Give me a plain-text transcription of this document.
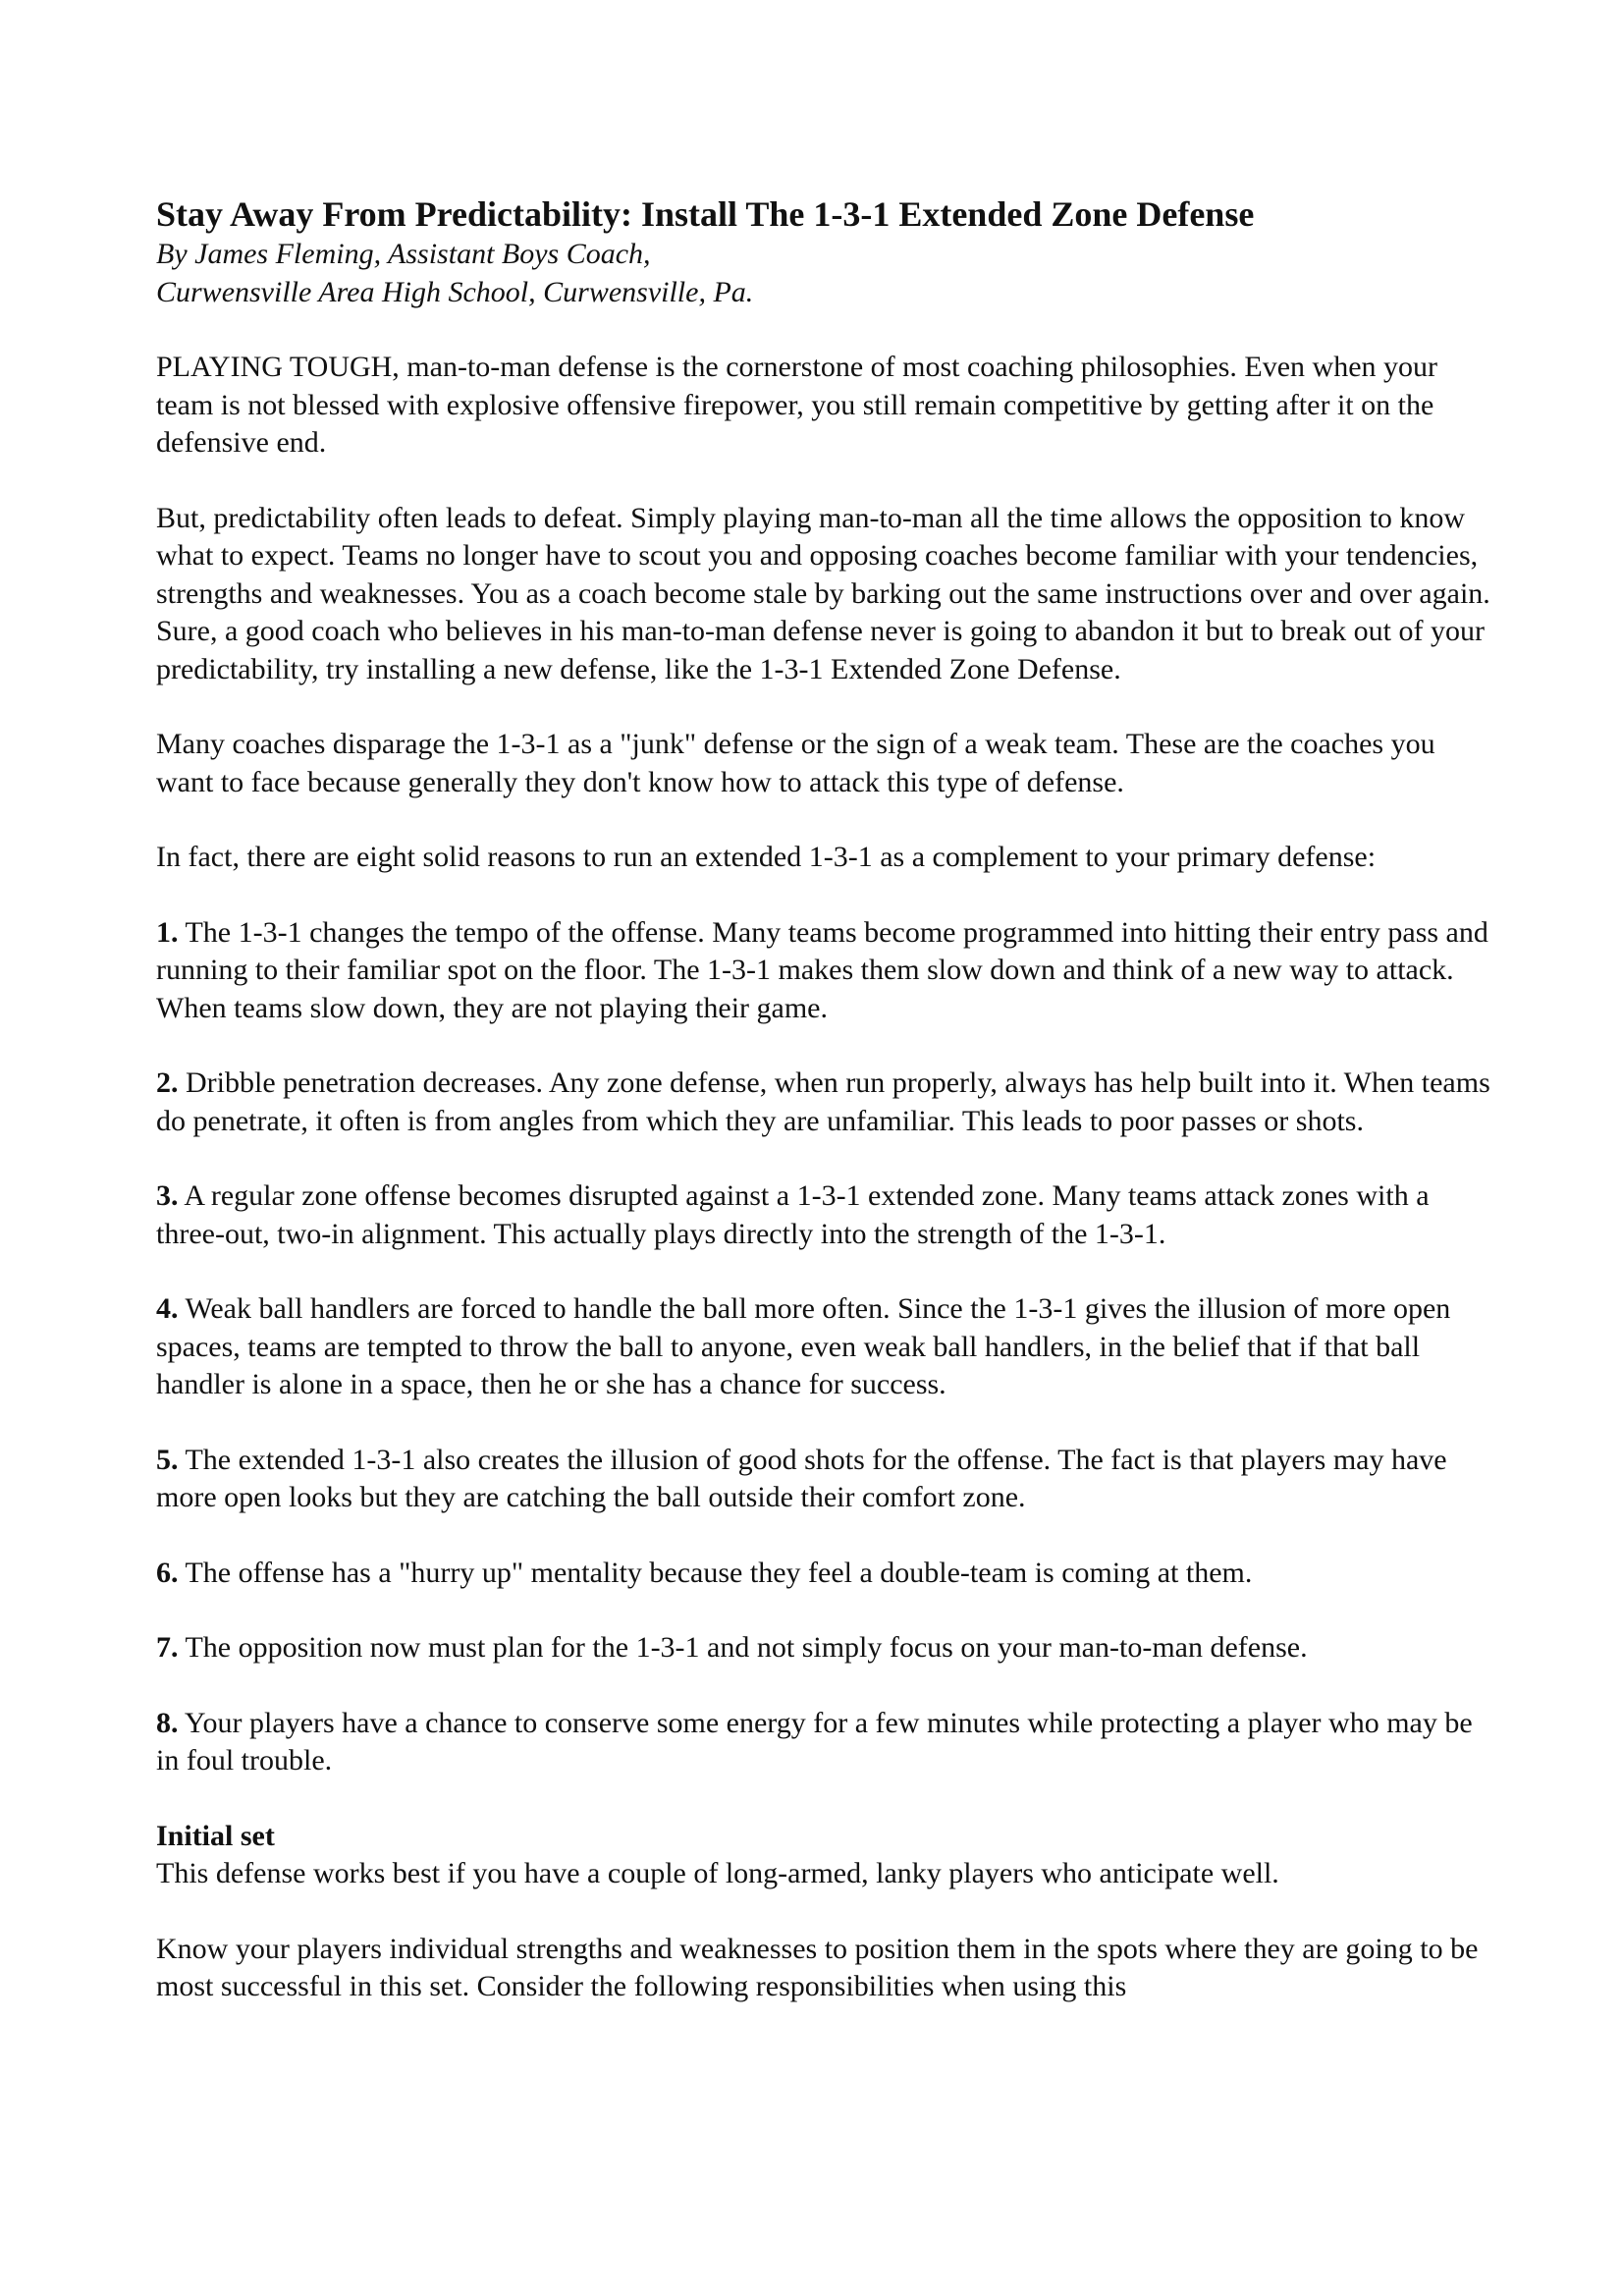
Stay Away From Predictability: Install The 1-3-1 Extended Zone Defense
By James Fleming, Assistant Boys Coach,
Curwensville Area High School, Curwensville, Pa.

PLAYING TOUGH, man-to-man defense is the cornerstone of most coaching philosophies. Even when your team is not blessed with explosive offensive firepower, you still remain competitive by getting after it on the defensive end.

But, predictability often leads to defeat. Simply playing man-to-man all the time allows the opposition to know what to expect. Teams no longer have to scout you and opposing coaches become familiar with your tendencies, strengths and weaknesses. You as a coach become stale by barking out the same instructions over and over again. Sure, a good coach who believes in his man-to-man defense never is going to abandon it but to break out of your predictability, try installing a new defense, like the 1-3-1 Extended Zone Defense.

Many coaches disparage the 1-3-1 as a "junk" defense or the sign of a weak team. These are the coaches you want to face because generally they don't know how to attack this type of defense.

In fact, there are eight solid reasons to run an extended 1-3-1 as a complement to your primary defense:

1. The 1-3-1 changes the tempo of the offense. Many teams become programmed into hitting their entry pass and running to their familiar spot on the floor. The 1-3-1 makes them slow down and think of a new way to attack. When teams slow down, they are not playing their game.

2. Dribble penetration decreases. Any zone defense, when run properly, always has help built into it. When teams do penetrate, it often is from angles from which they are unfamiliar. This leads to poor passes or shots.

3. A regular zone offense becomes disrupted against a 1-3-1 extended zone. Many teams attack zones with a three-out, two-in alignment. This actually plays directly into the strength of the 1-3-1.

4. Weak ball handlers are forced to handle the ball more often. Since the 1-3-1 gives the illusion of more open spaces, teams are tempted to throw the ball to anyone, even weak ball handlers, in the belief that if that ball handler is alone in a space, then he or she has a chance for success.

5. The extended 1-3-1 also creates the illusion of good shots for the offense. The fact is that players may have more open looks but they are catching the ball outside their comfort zone.

6. The offense has a "hurry up" mentality because they feel a double-team is coming at them.

7. The opposition now must plan for the 1-3-1 and not simply focus on your man-to-man defense.

8. Your players have a chance to conserve some energy for a few minutes while protecting a player who may be in foul trouble.

Initial set
This defense works best if you have a couple of long-armed, lanky players who anticipate well.

Know your players individual strengths and weaknesses to position them in the spots where they are going to be most successful in this set. Consider the following responsibilities when using this
